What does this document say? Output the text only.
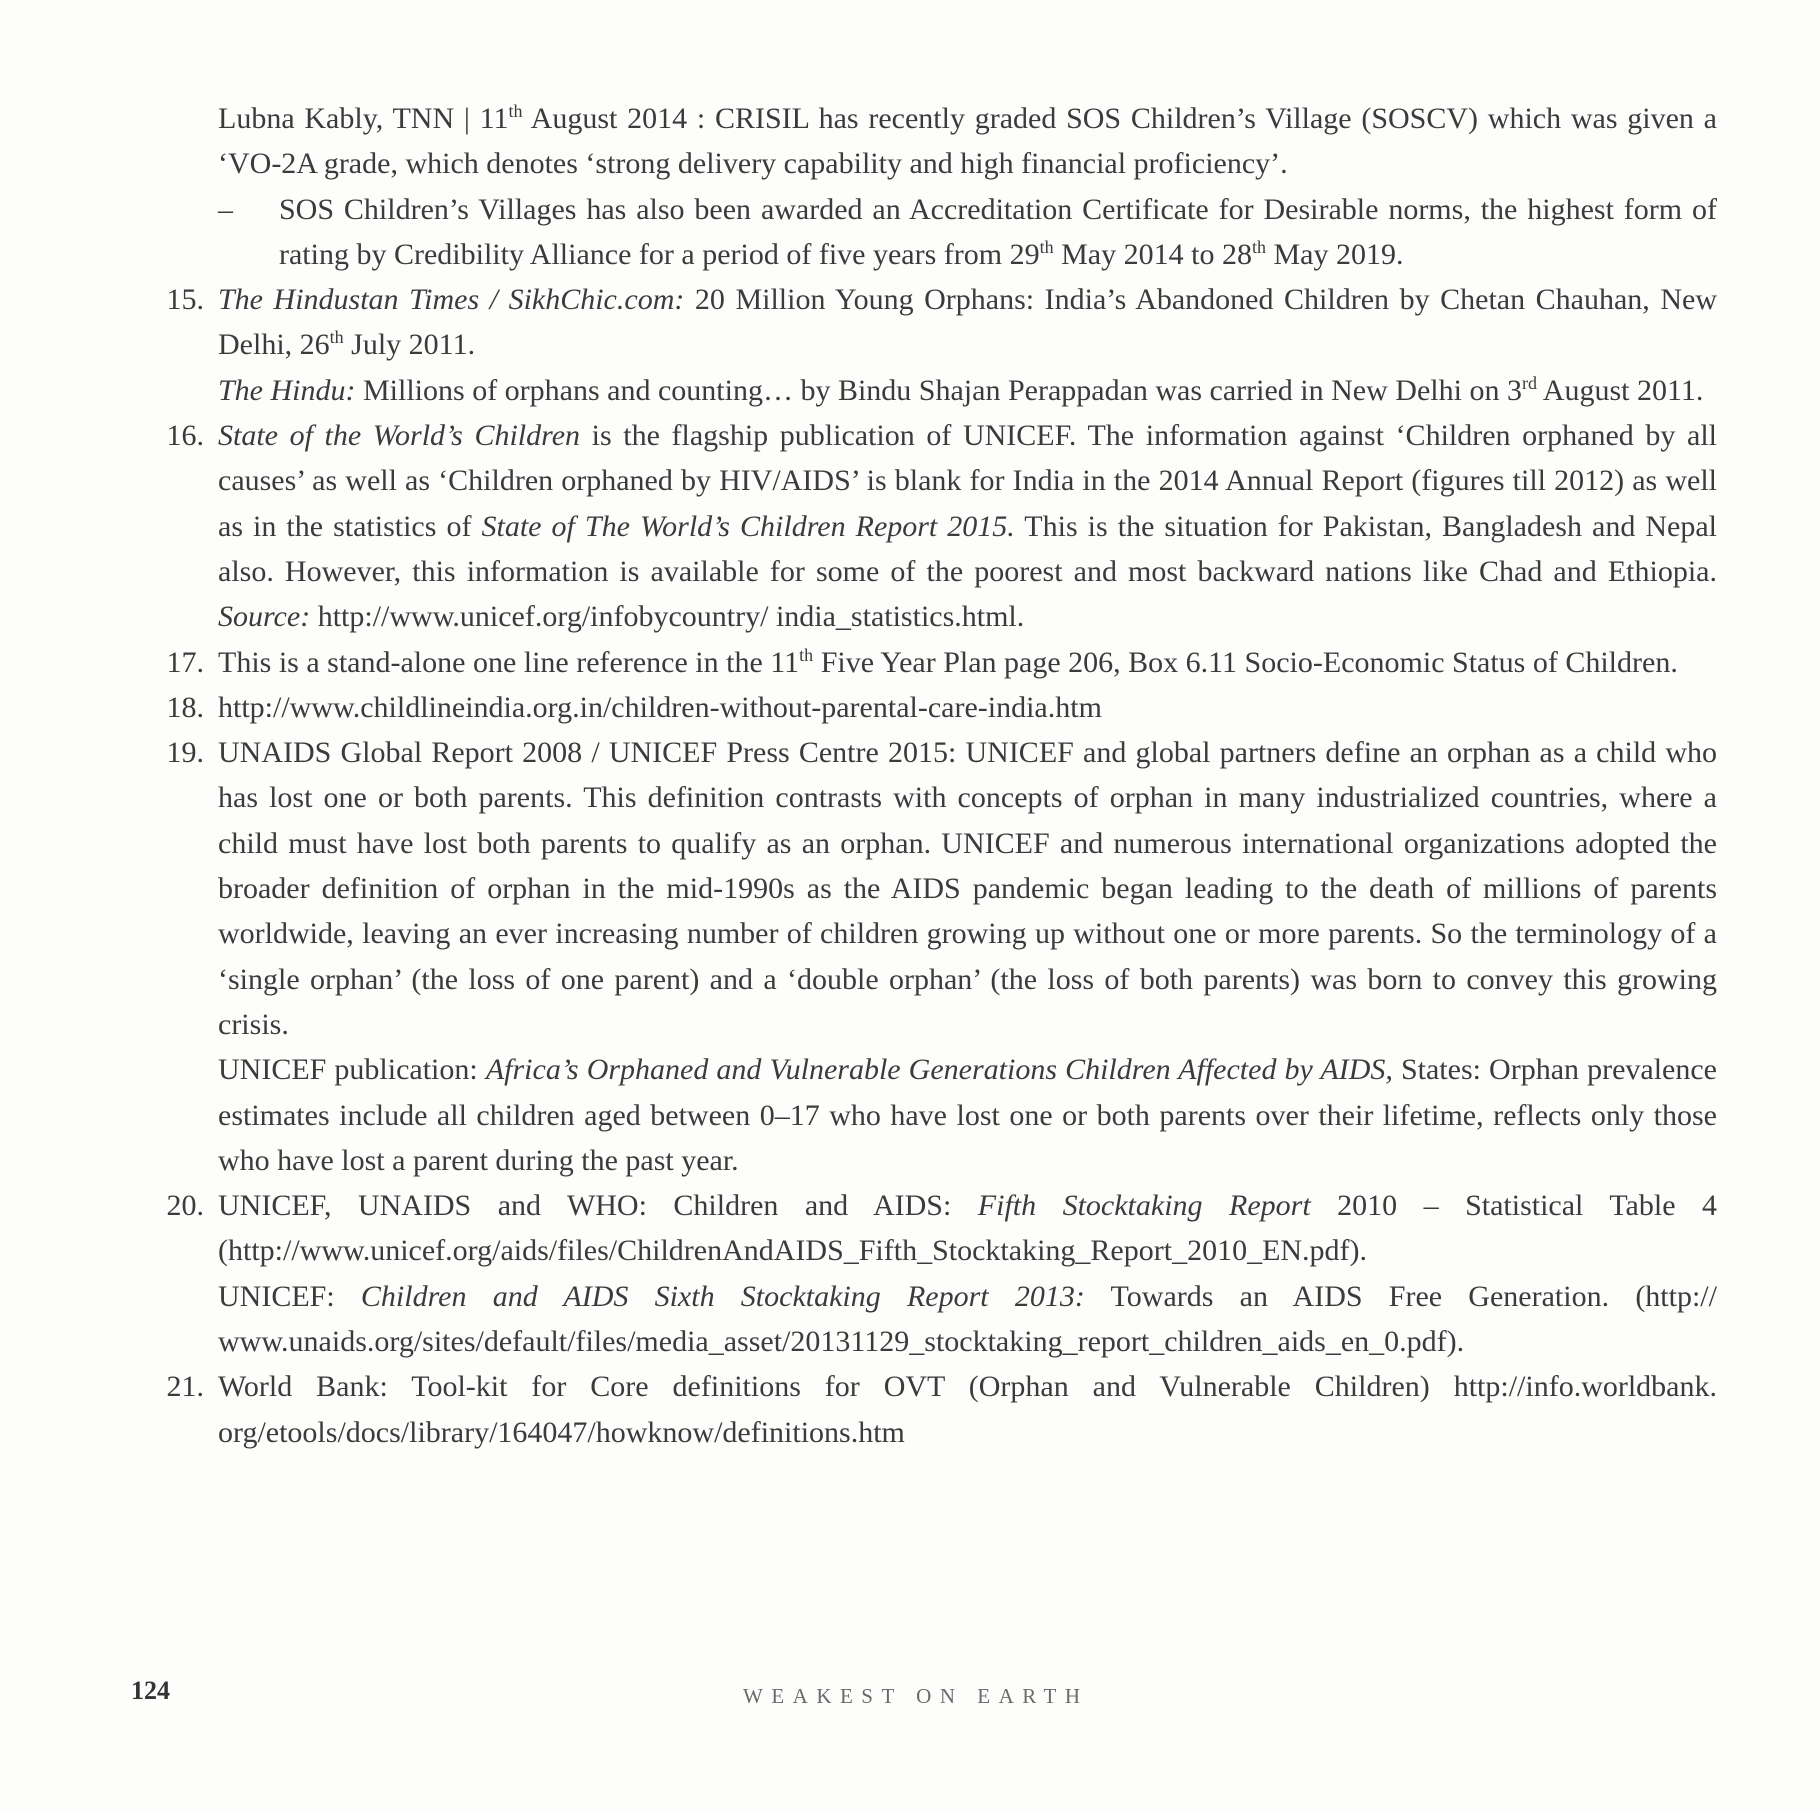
Lubna Kably, TNN | 11th August 2014 : CRISIL has recently graded SOS Children’s Village (SOSCV) which was given a ‘VO-2A grade, which denotes ‘strong delivery capability and high financial proficiency’.
– SOS Children’s Villages has also been awarded an Accreditation Certificate for Desirable norms, the highest form of rating by Credibility Alliance for a period of five years from 29th May 2014 to 28th May 2019.
15. The Hindustan Times / SikhChic.com: 20 Million Young Orphans: India’s Abandoned Children by Chetan Chauhan, New Delhi, 26th July 2011.
The Hindu: Millions of orphans and counting… by Bindu Shajan Perappadan was carried in New Delhi on 3rd August 2011.
16. State of the World’s Children is the flagship publication of UNICEF. The information against ‘Children orphaned by all causes’ as well as ‘Children orphaned by HIV/AIDS’ is blank for India in the 2014 Annual Report (figures till 2012) as well as in the statistics of State of The World’s Children Report 2015. This is the situation for Pakistan, Bangladesh and Nepal also. However, this information is available for some of the poorest and most backward nations like Chad and Ethiopia. Source: http://www.unicef.org/infobycountry/ india_statistics.html.
17. This is a stand-alone one line reference in the 11th Five Year Plan page 206, Box 6.11 Socio-Economic Status of Children.
18. http://www.childlineindia.org.in/children-without-parental-care-india.htm
19. UNAIDS Global Report 2008 / UNICEF Press Centre 2015: UNICEF and global partners define an orphan as a child who has lost one or both parents. This definition contrasts with concepts of orphan in many industrialized countries, where a child must have lost both parents to qualify as an orphan. UNICEF and numerous international organizations adopted the broader definition of orphan in the mid-1990s as the AIDS pandemic began leading to the death of millions of parents worldwide, leaving an ever increasing number of children growing up without one or more parents. So the terminology of a ‘single orphan’ (the loss of one parent) and a ‘double orphan’ (the loss of both parents) was born to convey this growing crisis.
UNICEF publication: Africa’s Orphaned and Vulnerable Generations Children Affected by AIDS, States: Orphan prevalence estimates include all children aged between 0–17 who have lost one or both parents over their lifetime, reflects only those who have lost a parent during the past year.
20. UNICEF, UNAIDS and WHO: Children and AIDS: Fifth Stocktaking Report 2010 – Statistical Table 4 (http://www.unicef.org/aids/files/ChildrenAndAIDS_Fifth_Stocktaking_Report_2010_EN.pdf).
UNICEF: Children and AIDS Sixth Stocktaking Report 2013: Towards an AIDS Free Generation. (http:// www.unaids.org/sites/default/files/media_asset/20131129_stocktaking_report_children_aids_en_0.pdf).
21. World Bank: Tool-kit for Core definitions for OVT (Orphan and Vulnerable Children) http://info.worldbank. org/etools/docs/library/164047/howknow/definitions.htm
124	WEAKEST ON EARTH
